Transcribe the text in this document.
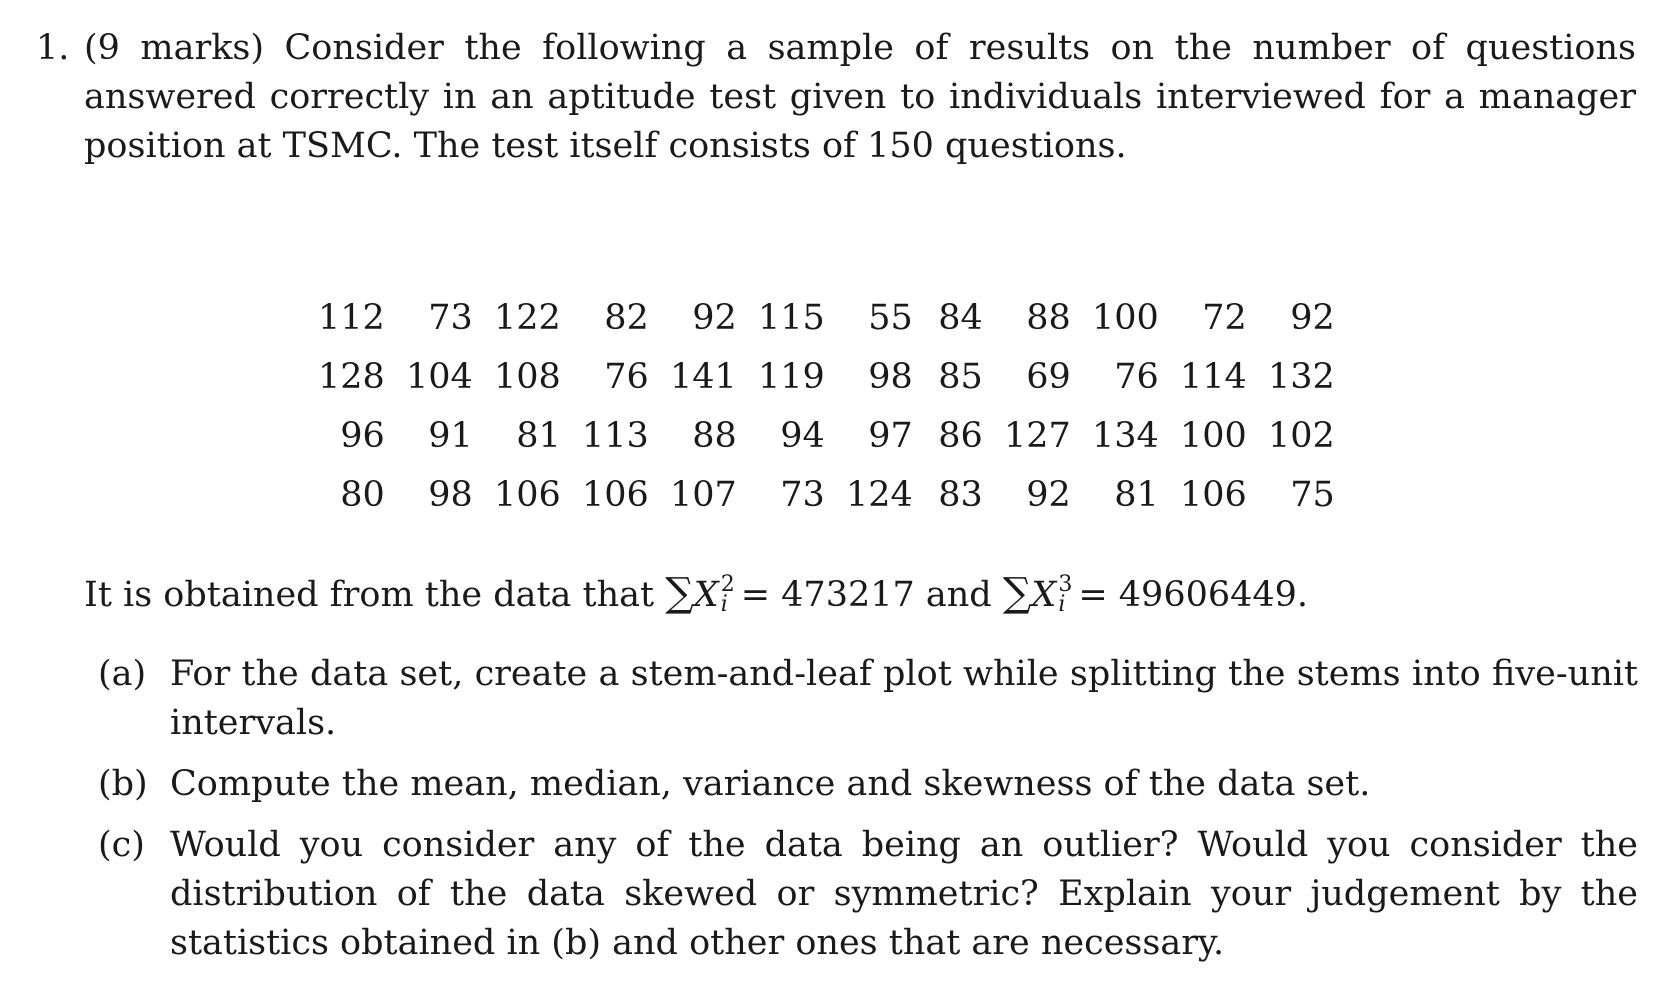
1. (9 marks) Consider the following a sample of results on the number of questions answered correctly in an aptitude test given to individuals interviewed for a manager position at TSMC. The test itself consists of 150 questions.
112	73	122	82	92	115	55	84	88	100	72	92
128	104	108	76	141	119	98	85	69	76	114	132
96	91	81	113	88	94	97	86	127	134	100	102
80	98	106	106	107	73	124	83	92	81	106	75
It is obtained from the data that ∑X 2
i = 473217 and ∑X 3
i = 49606449.
(a) For the data set, create a stem-and-leaf plot while splitting the stems into five-unit intervals.
(b) Compute the mean, median, variance and skewness of the data set.
(c) Would you consider any of the data being an outlier? Would you consider the distribution of the data skewed or symmetric? Explain your judgement by the statistics obtained in (b) and other ones that are necessary.
